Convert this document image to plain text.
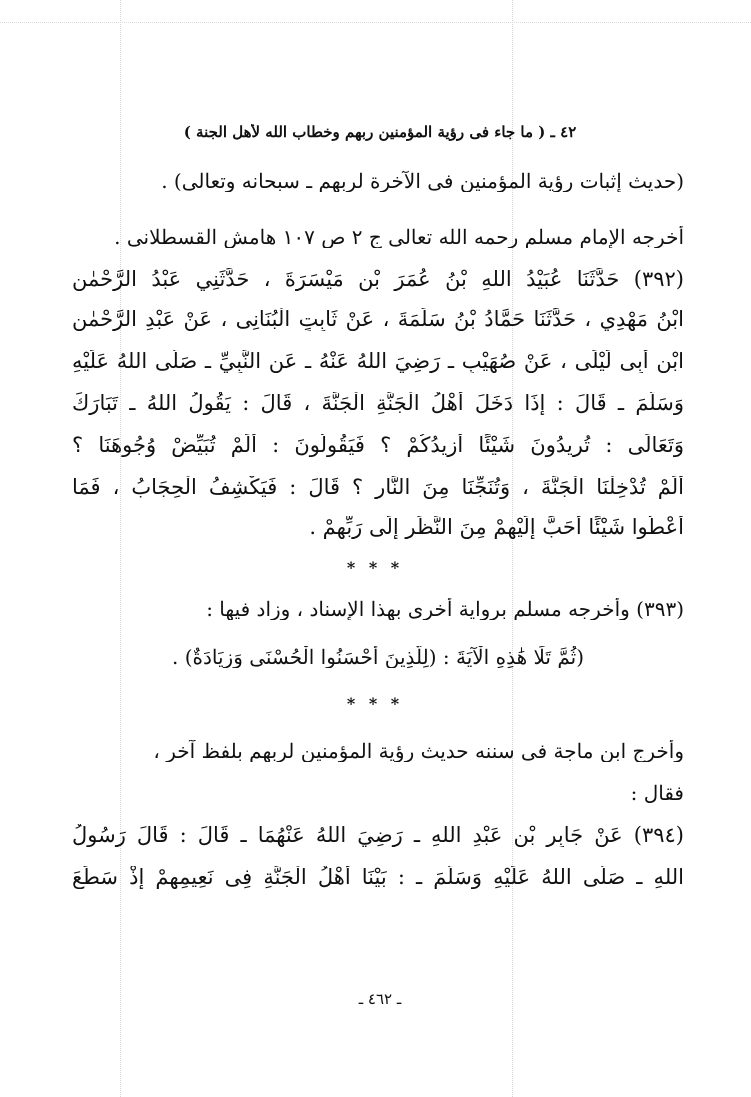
٤٢ ـ ( ما جاء فى رؤية المؤمنين ربهم وخطاب الله لأهل الجنة )
(حديث إثبات رؤية المؤمنين فى الآخرة لربهم ـ سبحانه وتعالى) .
أخرجه الإمام مسلم رحمه الله تعالى ج ٢ ص ١٠٧ هامش القسطلانى .
(٣٩٢) حَدَّثَنَا عُبَيْدُ اللهِ بْنُ عُمَرَ بْنِ مَيْسَرَةَ ، حَدَّثَنِي عَبْدُ الرَّحْمٰنِ
ابْنُ مَهْدِي ، حَدَّثَنَا حَمَّادُ بْنُ سَلَمَةَ ، عَنْ ثَابِتٍ الْبُنَانِى ، عَنْ عَبْدِ الرَّحْمٰنِ
ابْنِ أَبِى لَيْلَى ، عَنْ صُهَيْبٍ ـ رَضِيَ اللهُ عَنْهُ ـ عَنِ النَّبِيِّ ـ صَلَّى اللهُ عَلَيْهِ
وَسَلَّمَ ـ قَالَ : إِذَا دَخَلَ أَهْلُ الْجَنَّةِ الْجَنَّةَ ، قَالَ : يَقُولُ اللهُ ـ تَبَارَكَ
وَتَعَالَى : تُرِيدُونَ شَيْئًا أَزِيدُكُمْ ؟ فَيَقُولُونَ : أَلَمْ تُبَيِّضْ وُجُوهَنَا ؟
أَلَمْ تُدْخِلْنَا الْجَنَّةَ ، وَتُنَجِّنَا مِنَ النَّارِ ؟ قَالَ : فَيَكْشِفُ الْحِجَابُ ، فَمَا
أُعْطُوا شَيْئًا أَحَبَّ إِلَيْهِمْ مِنَ النَّظَرِ إِلَى رَبِّهِمْ .
* * *
(٣٩٣) وأخرجه مسلم برواية أخرى بهذا الإسناد ، وزاد فيها :
(ثُمَّ تَلَا هَٰذِهِ الْآيَةَ : (لِلَّذِينَ أَحْسَنُوا الْحُسْنَى وَزِيَادَةٌ) .
* * *
وأخرج ابن ماجة فى سننه حديث رؤية المؤمنين لربهم بلفظ آخر ،
فقال :
(٣٩٤) عَنْ جَابِرِ بْنِ عَبْدِ اللهِ ـ رَضِيَ اللهُ عَنْهُمَا ـ قَالَ : قَالَ رَسُولُ
اللهِ ـ صَلَّى اللهُ عَلَيْهِ وَسَلَّمَ ـ : بَيْنَا أَهْلُ الْجَنَّةِ فِى نَعِيمِهِمْ إِذْ سَطَعَ
ـ ٤٦٢ ـ
